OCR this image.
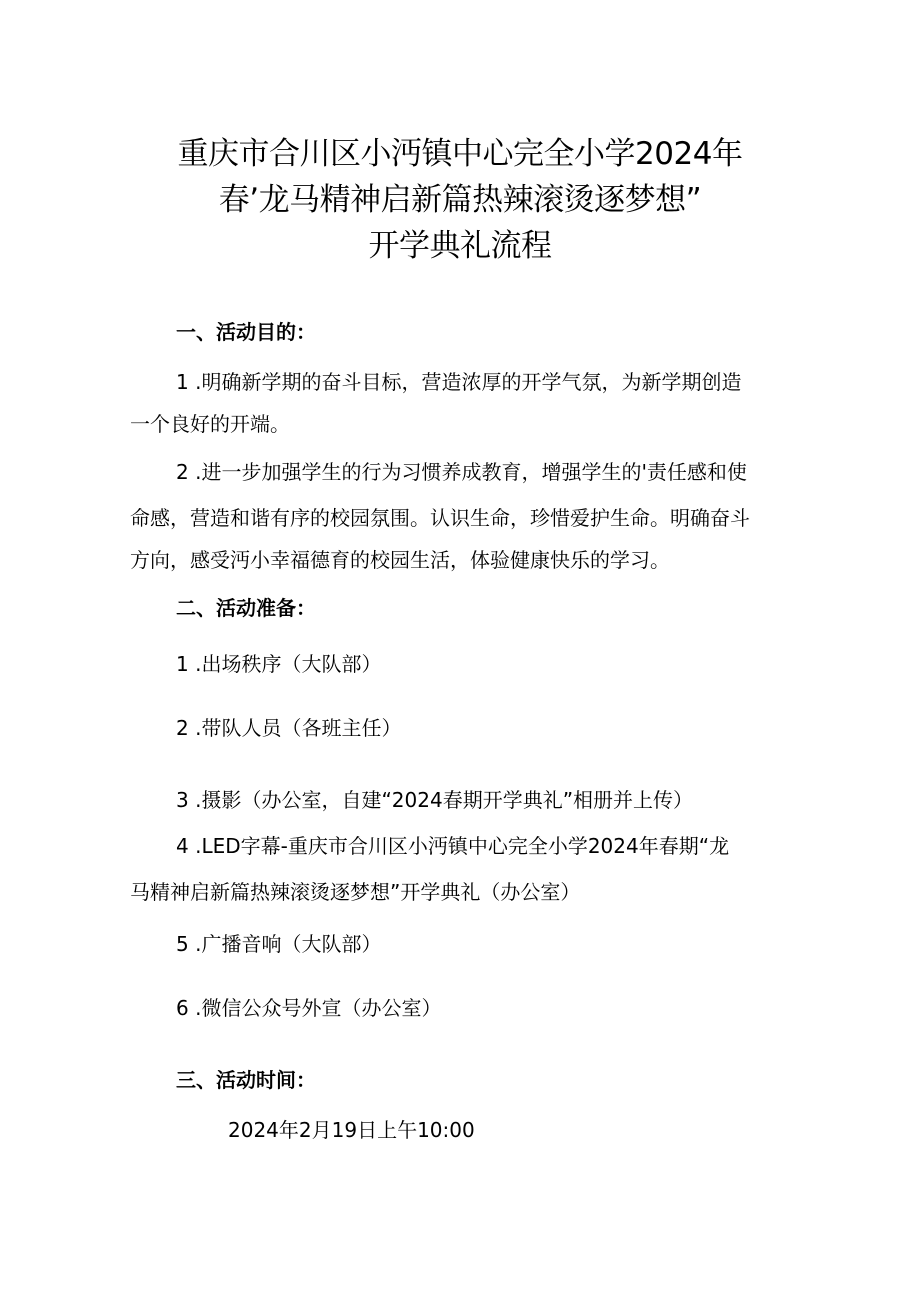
重庆市合川区小沔镇中心完全小学2024年
春’龙马精神启新篇热辣滚烫逐梦想”
开学典礼流程
一、活动目的：
1 .明确新学期的奋斗目标，营造浓厚的开学气氛，为新学期创造
一个良好的开端。
2 .进一步加强学生的行为习惯养成教育，增强学生的'责任感和使
命感，营造和谐有序的校园氛围。认识生命，珍惜爱护生命。明确奋斗
方向，感受沔小幸福德育的校园生活，体验健康快乐的学习。
二、活动准备：
1 .出场秩序（大队部）
2 .带队人员（各班主任）
3 .摄影（办公室，自建“2024春期开学典礼”相册并上传）
4 .LED字幕-重庆市合川区小沔镇中心完全小学2024年春期“龙
马精神启新篇热辣滚烫逐梦想”开学典礼（办公室）
5 .广播音响（大队部）
6 .微信公众号外宣（办公室）
三、活动时间：
2024年2月19日上午10:00
